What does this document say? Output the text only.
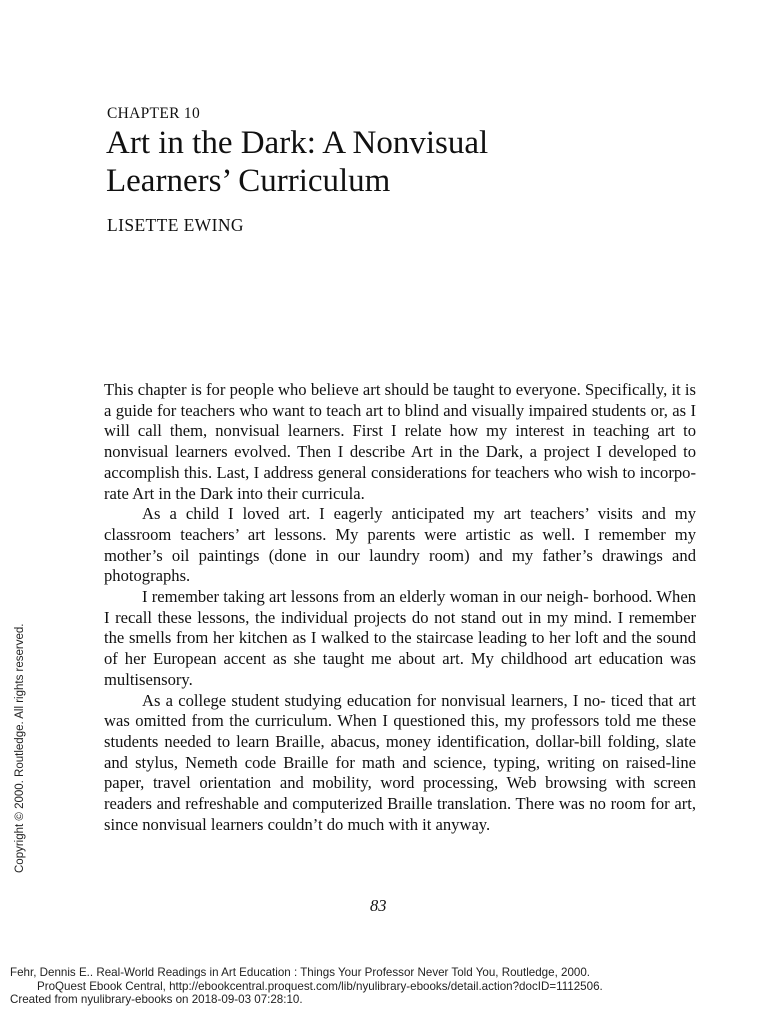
CHAPTER 10
Art in the Dark: A Nonvisual
Learners’ Curriculum
LISETTE EWING

This chapter is for people who believe art should be taught to everyone. Specifically, it is a guide for teachers who want to teach art to blind and visually impaired students or, as I will call them, nonvisual learners. First I relate how my interest in teaching art to nonvisual learners evolved. Then I describe Art in the Dark, a project I developed to accomplish this. Last, I address general considerations for teachers who wish to incorpo- rate Art in the Dark into their curricula.

As a child I loved art. I eagerly anticipated my art teachers’ visits and my classroom teachers’ art lessons. My parents were artistic as well. I remember my mother’s oil paintings (done in our laundry room) and my father’s drawings and photographs.

I remember taking art lessons from an elderly woman in our neigh- borhood. When I recall these lessons, the individual projects do not stand out in my mind. I remember the smells from her kitchen as I walked to the staircase leading to her loft and the sound of her European accent as she taught me about art. My childhood art education was multisensory.

As a college student studying education for nonvisual learners, I no- ticed that art was omitted from the curriculum. When I questioned this, my professors told me these students needed to learn Braille, abacus, money identification, dollar-bill folding, slate and stylus, Nemeth code Braille for math and science, typing, writing on raised-line paper, travel orientation and mobility, word processing, Web browsing with screen readers and refreshable and computerized Braille translation. There was no room for art, since nonvisual learners couldn’t do much with it anyway.

83
Copyright © 2000. Routledge. All rights reserved.
Fehr, Dennis E.. Real-World Readings in Art Education : Things Your Professor Never Told You, Routledge, 2000.
ProQuest Ebook Central, http://ebookcentral.proquest.com/lib/nyulibrary-ebooks/detail.action?docID=1112506.
Created from nyulibrary-ebooks on 2018-09-03 07:28:10.
